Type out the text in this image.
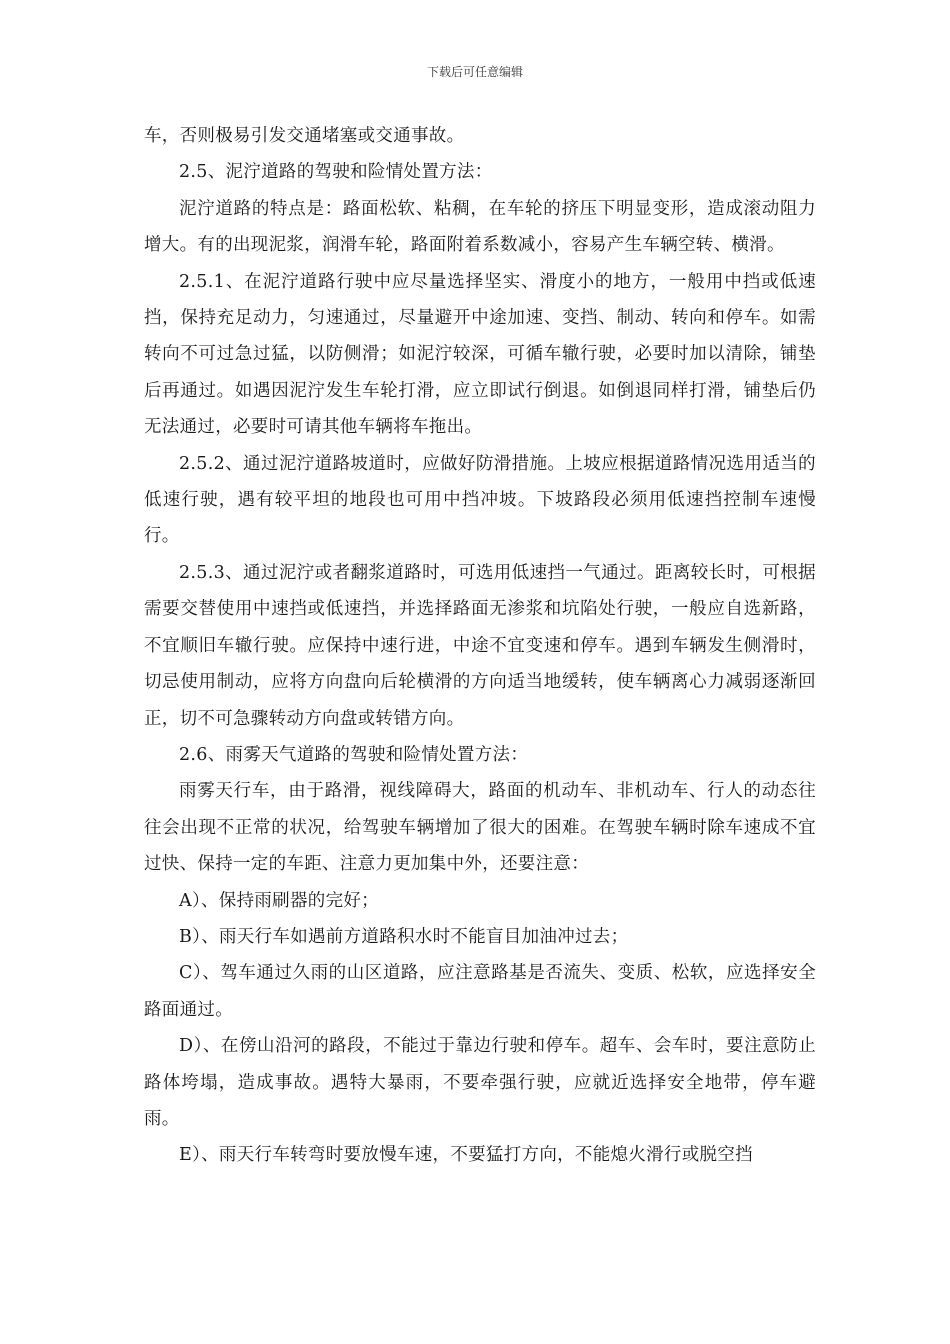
下载后可任意编辑

车，否则极易引发交通堵塞或交通事故。

2.5、泥泞道路的驾驶和险情处置方法：

泥泞道路的特点是：路面松软、粘稠，在车轮的挤压下明显变形，造成滚动阻力增大。有的出现泥浆，润滑车轮，路面附着系数减小，容易产生车辆空转、横滑。

2.5.1、在泥泞道路行驶中应尽量选择坚实、滑度小的地方，一般用中挡或低速挡，保持充足动力，匀速通过，尽量避开中途加速、变挡、制动、转向和停车。如需转向不可过急过猛，以防侧滑；如泥泞较深，可循车辙行驶，必要时加以清除，铺垫后再通过。如遇因泥泞发生车轮打滑，应立即试行倒退。如倒退同样打滑，铺垫后仍无法通过，必要时可请其他车辆将车拖出。

2.5.2、通过泥泞道路坡道时，应做好防滑措施。上坡应根据道路情况选用适当的低速行驶，遇有较平坦的地段也可用中挡冲坡。下坡路段必须用低速挡控制车速慢行。

2.5.3、通过泥泞或者翻浆道路时，可选用低速挡一气通过。距离较长时，可根据需要交替使用中速挡或低速挡，并选择路面无渗浆和坑陷处行驶，一般应自选新路，不宜顺旧车辙行驶。应保持中速行进，中途不宜变速和停车。遇到车辆发生侧滑时，切忌使用制动，应将方向盘向后轮横滑的方向适当地缓转，使车辆离心力减弱逐渐回正，切不可急骤转动方向盘或转错方向。

2.6、雨雾天气道路的驾驶和险情处置方法：

雨雾天行车，由于路滑，视线障碍大，路面的机动车、非机动车、行人的动态往往会出现不正常的状况，给驾驶车辆增加了很大的困难。在驾驶车辆时除车速成不宜过快、保持一定的车距、注意力更加集中外，还要注意：

A）、保持雨刷器的完好；

B）、雨天行车如遇前方道路积水时不能盲目加油冲过去；

C）、驾车通过久雨的山区道路，应注意路基是否流失、变质、松软，应选择安全路面通过。

D）、在傍山沿河的路段，不能过于靠边行驶和停车。超车、会车时，要注意防止路体垮塌，造成事故。遇特大暴雨，不要牵强行驶，应就近选择安全地带，停车避雨。

E）、雨天行车转弯时要放慢车速，不要猛打方向，不能熄火滑行或脱空挡
